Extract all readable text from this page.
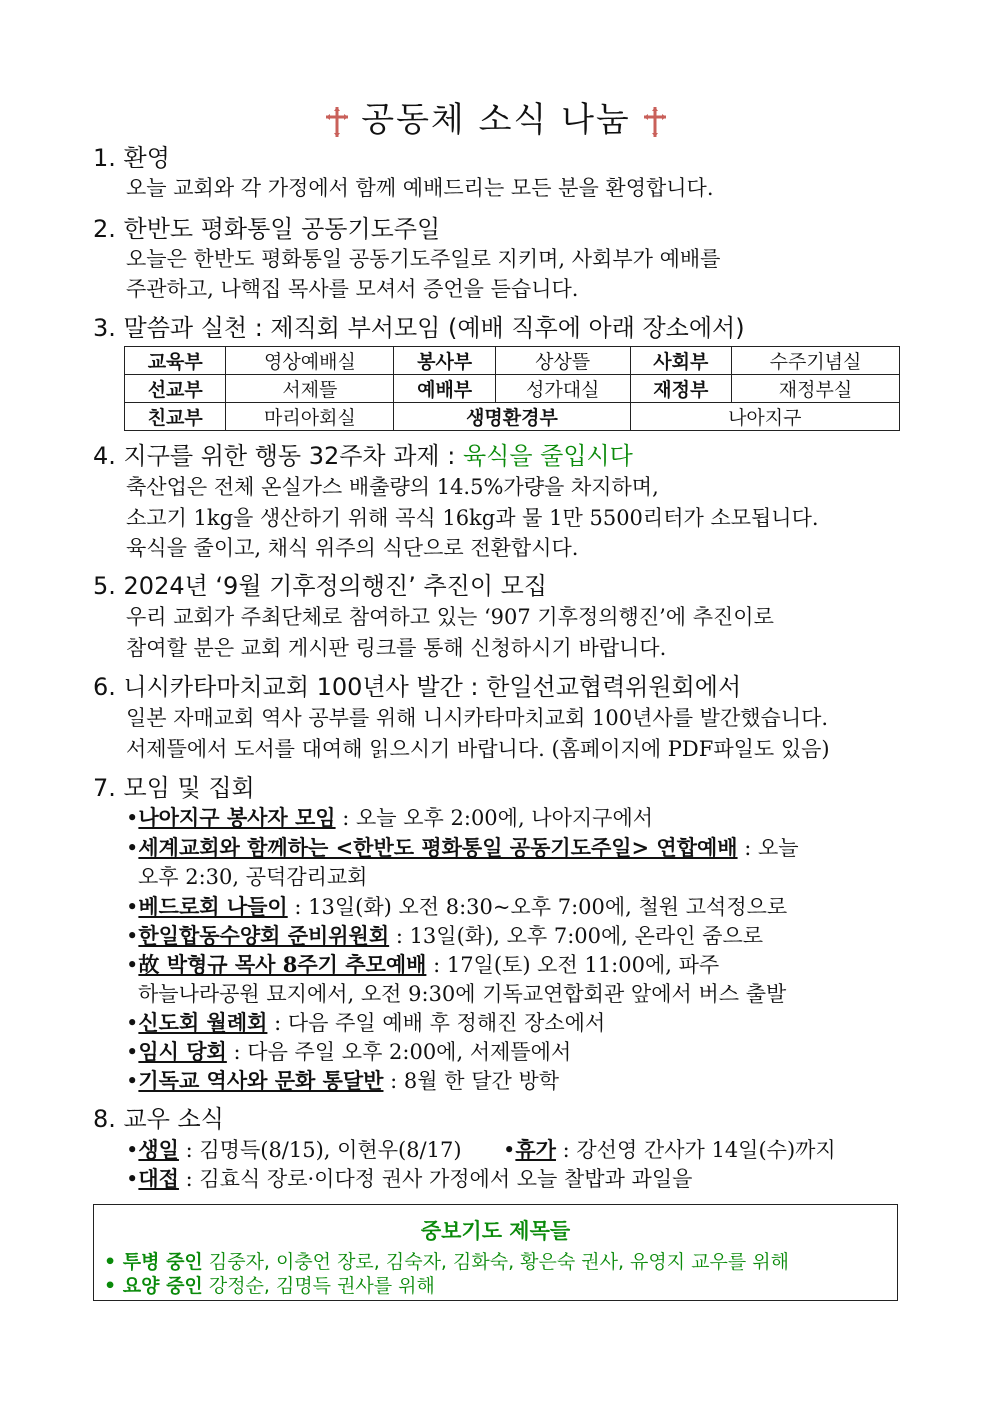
공동체 소식 나눔
1. 환영
오늘 교회와 각 가정에서 함께 예배드리는 모든 분을 환영합니다.
2. 한반도 평화통일 공동기도주일
오늘은 한반도 평화통일 공동기도주일로 지키며, 사회부가 예배를
주관하고, 나핵집 목사를 모셔서 증언을 듣습니다.
3. 말씀과 실천 : 제직회 부서모임 (예배 직후에 아래 장소에서)
교육부	영상예배실	봉사부	상상뜰	사회부	수주기념실
선교부	서제뜰	예배부	성가대실	재정부	재정부실
친교부	마리아회실	생명환경부		나아지구	
4. 지구를 위한 행동 32주차 과제 : 육식을 줄입시다
축산업은 전체 온실가스 배출량의 14.5%가량을 차지하며,
소고기 1kg을 생산하기 위해 곡식 16kg과 물 1만 5500리터가 소모됩니다.
육식을 줄이고, 채식 위주의 식단으로 전환합시다.
5. 2024년 ‘9월 기후정의행진’ 추진이 모집
우리 교회가 주최단체로 참여하고 있는 ‘907 기후정의행진’에 추진이로
참여할 분은 교회 게시판 링크를 통해 신청하시기 바랍니다.
6. 니시카타마치교회 100년사 발간 : 한일선교협력위원회에서
일본 자매교회 역사 공부를 위해 니시카타마치교회 100년사를 발간했습니다.
서제뜰에서 도서를 대여해 읽으시기 바랍니다. (홈페이지에 PDF파일도 있음)
7. 모임 및 집회
•나아지구 봉사자 모임 : 오늘 오후 2:00에, 나아지구에서
•세계교회와 함께하는 <한반도 평화통일 공동기도주일> 연합예배 : 오늘
오후 2:30, 공덕감리교회
•베드로회 나들이 : 13일(화) 오전 8:30~오후 7:00에, 철원 고석정으로
•한일합동수양회 준비위원회 : 13일(화), 오후 7:00에, 온라인 줌으로
•故 박형규 목사 8주기 추모예배 : 17일(토) 오전 11:00에, 파주
하늘나라공원 묘지에서, 오전 9:30에 기독교연합회관 앞에서 버스 출발
•신도회 월례회 : 다음 주일 예배 후 정해진 장소에서
•임시 당회 : 다음 주일 오후 2:00에, 서제뜰에서
•기독교 역사와 문화 통달반 : 8월 한 달간 방학
8. 교우 소식
•생일 : 김명득(8/15), 이현우(8/17) •휴가 : 강선영 간사가 14일(수)까지
•대접 : 김효식 장로·이다정 권사 가정에서 오늘 찰밥과 과일을
중보기도 제목들
• 투병 중인 김중자, 이충언 장로, 김숙자, 김화숙, 황은숙 권사, 유영지 교우를 위해
• 요양 중인 강정순, 김명득 권사를 위해
